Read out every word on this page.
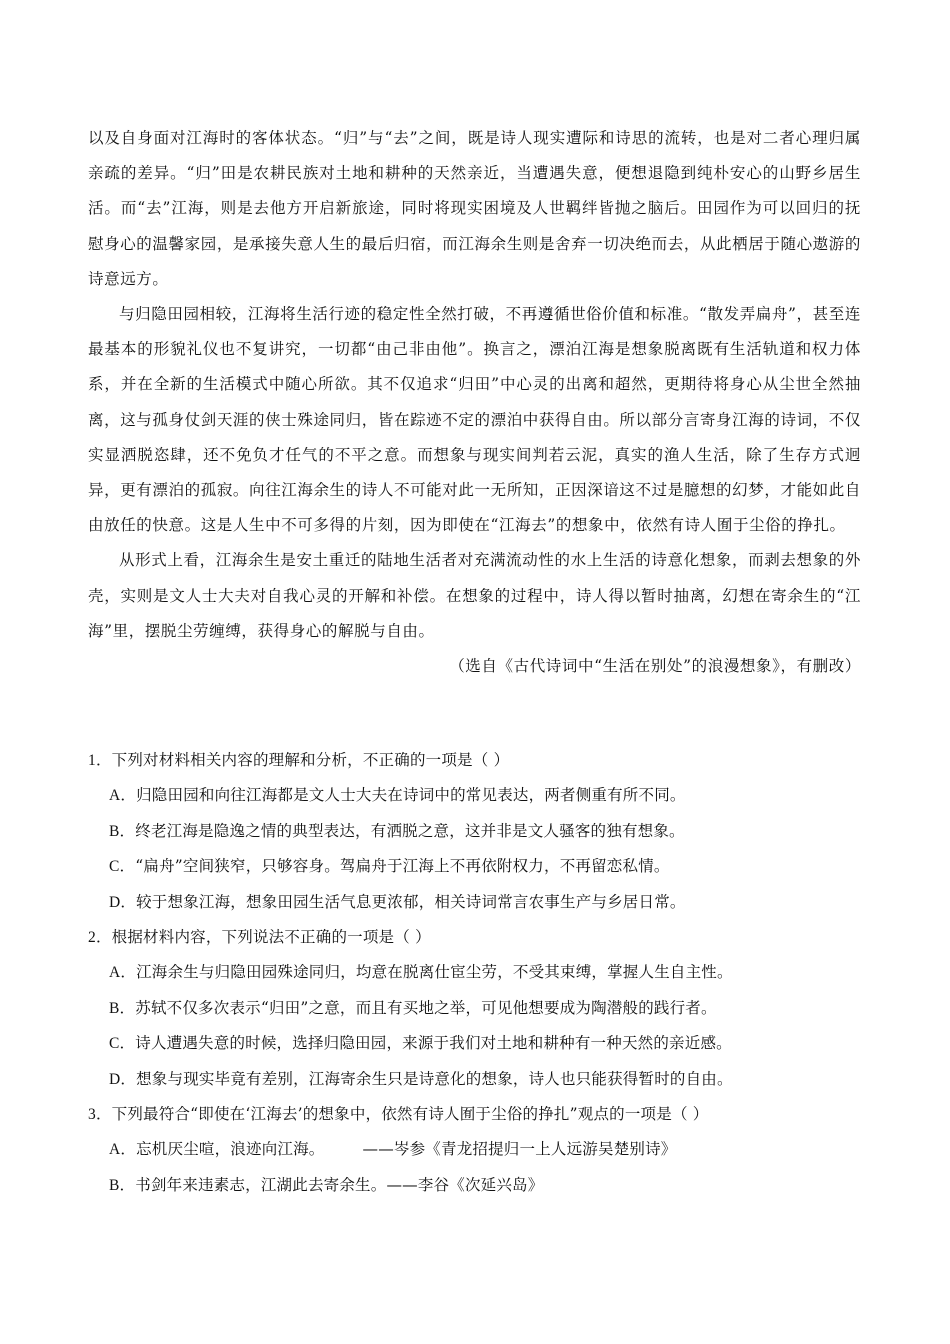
以及自身面对江海时的客体状态。“归”与“去”之间，既是诗人现实遭际和诗思的流转，也是对二者心理归属亲疏的差异。“归”田是农耕民族对土地和耕种的天然亲近，当遭遇失意，便想退隐到纯朴安心的山野乡居生活。而“去”江海，则是去他方开启新旅途，同时将现实困境及人世羁绊皆抛之脑后。田园作为可以回归的抚慰身心的温馨家园，是承接失意人生的最后归宿，而江海余生则是舍弃一切决绝而去，从此栖居于随心遨游的诗意远方。

与归隐田园相较，江海将生活行迹的稳定性全然打破，不再遵循世俗价值和标准。“散发弄扁舟”，甚至连最基本的形貌礼仪也不复讲究，一切都“由己非由他”。换言之，漂泊江海是想象脱离既有生活轨道和权力体系，并在全新的生活模式中随心所欲。其不仅追求“归田”中心灵的出离和超然，更期待将身心从尘世全然抽离，这与孤身仗剑天涯的侠士殊途同归，皆在踪迹不定的漂泊中获得自由。所以部分言寄身江海的诗词，不仅实显洒脱恣肆，还不免负才任气的不平之意。而想象与现实间判若云泥，真实的渔人生活，除了生存方式迥异，更有漂泊的孤寂。向往江海余生的诗人不可能对此一无所知，正因深谙这不过是臆想的幻梦，才能如此自由放任的快意。这是人生中不可多得的片刻，因为即使在“江海去”的想象中，依然有诗人囿于尘俗的挣扎。

从形式上看，江海余生是安土重迁的陆地生活者对充满流动性的水上生活的诗意化想象，而剥去想象的外壳，实则是文人士大夫对自我心灵的开解和补偿。在想象的过程中，诗人得以暂时抽离，幻想在寄余生的“江海”里，摆脱尘劳缠缚，获得身心的解脱与自由。

（选自《古代诗词中“生活在别处”的浪漫想象》，有删改）

1．下列对材料相关内容的理解和分析，不正确的一项是（ ）

A．归隐田园和向往江海都是文人士大夫在诗词中的常见表达，两者侧重有所不同。

B．终老江海是隐逸之情的典型表达，有洒脱之意，这并非是文人骚客的独有想象。

C．“扁舟”空间狭窄，只够容身。驾扁舟于江海上不再依附权力，不再留恋私情。

D．较于想象江海，想象田园生活气息更浓郁，相关诗词常言农事生产与乡居日常。

2．根据材料内容，下列说法不正确的一项是（ ）

A．江海余生与归隐田园殊途同归，均意在脱离仕宦尘劳，不受其束缚，掌握人生自主性。

B．苏轼不仅多次表示“归田”之意，而且有买地之举，可见他想要成为陶潜般的践行者。

C．诗人遭遇失意的时候，选择归隐田园，来源于我们对土地和耕种有一种天然的亲近感。

D．想象与现实毕竟有差别，江海寄余生只是诗意化的想象，诗人也只能获得暂时的自由。

3．下列最符合“即使在‘江海去’的想象中，依然有诗人囿于尘俗的挣扎”观点的一项是（ ）

A．忘机厌尘喧，浪迹向江海。 ——岑参《青龙招提归一上人远游吴楚别诗》

B．书剑年来违素志，江湖此去寄余生。——李谷《次延兴岛》
